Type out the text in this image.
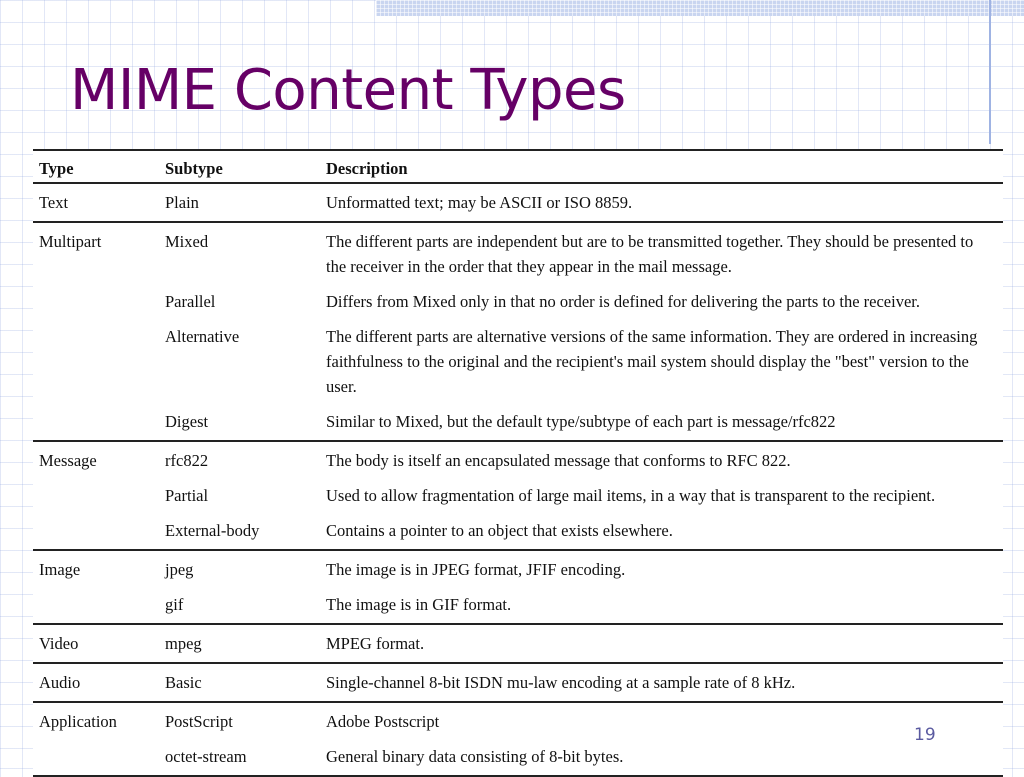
MIME Content Types
Type	Subtype	Description
Text	Plain	Unformatted text; may be ASCII or ISO 8859.
Multipart	Mixed	The different parts are independent but are to be transmitted together. They should be presented to the receiver in the order that they appear in the mail message.
	Parallel	Differs from Mixed only in that no order is defined for delivering the parts to the receiver.
	Alternative	The different parts are alternative versions of the same information. They are ordered in increasing faithfulness to the original and the recipient's mail system should display the "best" version to the user.
	Digest	Similar to Mixed, but the default type/subtype of each part is message/rfc822
Message	rfc822	The body is itself an encapsulated message that conforms to RFC 822.
	Partial	Used to allow fragmentation of large mail items, in a way that is transparent to the recipient.
	External-body	Contains a pointer to an object that exists elsewhere.
Image	jpeg	The image is in JPEG format, JFIF encoding.
	gif	The image is in GIF format.
Video	mpeg	MPEG format.
Audio	Basic	Single-channel 8-bit ISDN mu-law encoding at a sample rate of 8 kHz.
Application	PostScript	Adobe Postscript
	octet-stream	General binary data consisting of 8-bit bytes.
19
